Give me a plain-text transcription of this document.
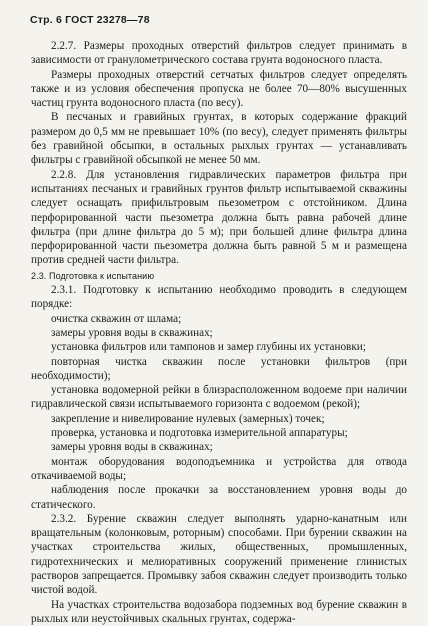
Стр. 6 ГОСТ 23278—78

2.2.7. Размеры проходных отверстий фильтров следует принимать в зависимости от гранулометрического состава грунта водоносного пласта.

Размеры проходных отверстий сетчатых фильтров следует определять также и из условия обеспечения пропуска не более 70—80% высушенных частиц грунта водоносного пласта (по весу).

В песчаных и гравийных грунтах, в которых содержание фракций размером до 0,5 мм не превышает 10% (по весу), следует применять фильтры без гравийной обсыпки, в остальных рыхлых грунтах — устанавливать фильтры с гравийной обсыпкой не менее 50 мм.

2.2.8. Для установления гидравлических параметров фильтра при испытаниях песчаных и гравийных грунтов фильтр испытываемой скважины следует оснащать прифильтровым пьезометром с отстойником. Длина перфорированной части пьезометра должна быть равна рабочей длине фильтра (при длине фильтра до 5 м); при большей длине фильтра длина перфорированной части пьезометра должна быть равной 5 м и размещена против средней части фильтра.

2.3. Подготовка к испытанию

2.3.1. Подготовку к испытанию необходимо проводить в следующем порядке:

очистка скважин от шлама;

замеры уровня воды в скважинах;

установка фильтров или тампонов и замер глубины их установки;

повторная чистка скважин после установки фильтров (при необходимости);

установка водомерной рейки в близрасположенном водоеме при наличии гидравлической связи испытываемого горизонта с водоемом (рекой);

закрепление и нивелирование нулевых (замерных) точек;

проверка, установка и подготовка измерительной аппаратуры;

замеры уровня воды в скважинах;

монтаж оборудования водоподъемника и устройства для отвода откачиваемой воды;

наблюдения после прокачки за восстановлением уровня воды до статического.

2.3.2. Бурение скважин следует выполнять ударно-канатным или вращательным (колонковым, роторным) способами. При бурении скважин на участках строительства жилых, общественных, промышленных, гидротехнических и мелиоративных сооружений применение глинистых растворов запрещается. Промывку забоя скважин следует производить только чистой водой.

На участках строительства водозабора подземных вод бурение скважин в рыхлых или неустойчивых скальных грунтах, содержа-
